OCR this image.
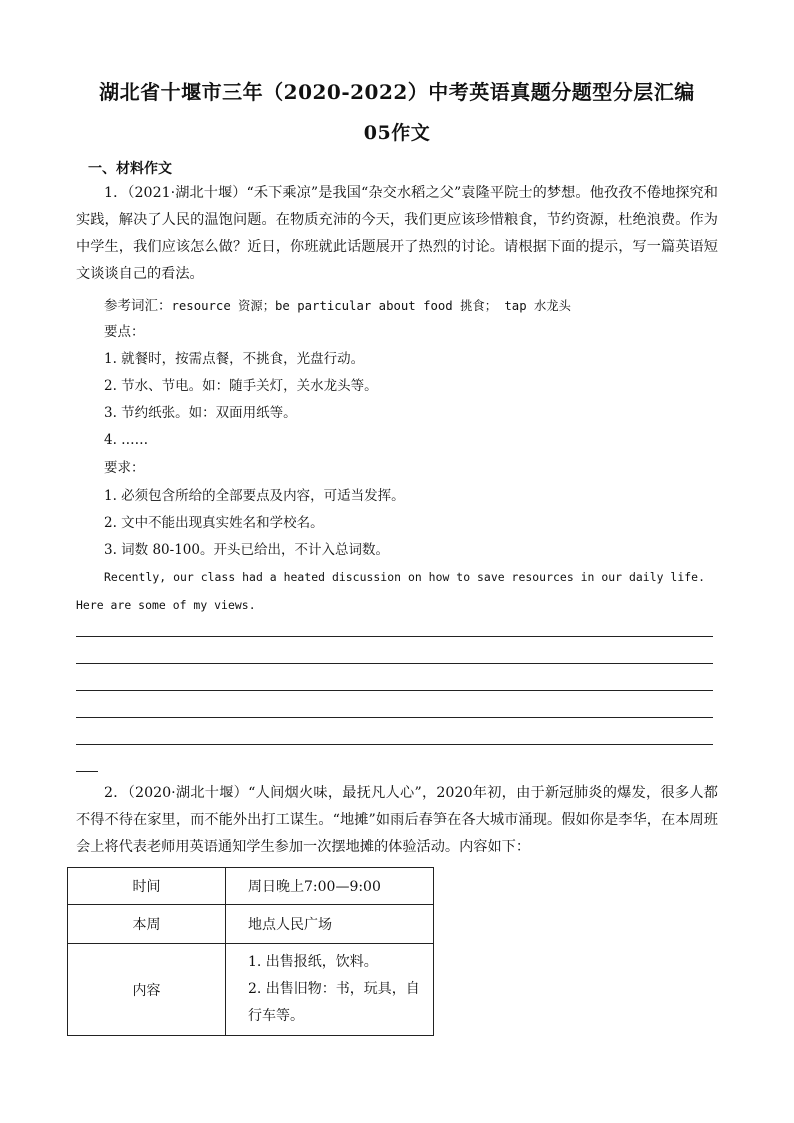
湖北省十堰市三年（2020-2022）中考英语真题分题型分层汇编
05作文
一、材料作文

1．（2021·湖北十堰）“禾下乘凉”是我国“杂交水稻之父”袁隆平院士的梦想。他孜孜不倦地探究和实践，解决了人民的温饱问题。在物质充沛的今天，我们更应该珍惜粮食，节约资源，杜绝浪费。作为中学生，我们应该怎么做？近日，你班就此话题展开了热烈的讨论。请根据下面的提示，写一篇英语短文谈谈自己的看法。

参考词汇：resource 资源；be particular about food 挑食； tap 水龙头
要点：
1. 就餐时，按需点餐，不挑食，光盘行动。
2. 节水、节电。如：随手关灯，关水龙头等。
3. 节约纸张。如：双面用纸等。
4. ……
要求：
1. 必须包含所给的全部要点及内容，可适当发挥。
2. 文中不能出现真实姓名和学校名。
3. 词数 80-100。开头已给出，不计入总词数。

Recently, our class had a heated discussion on how to save resources in our daily life. Here are some of my views.

2．（2020·湖北十堰）“人间烟火味，最抚凡人心”，2020年初，由于新冠肺炎的爆发，很多人都不得不待在家里，而不能外出打工谋生。“地摊”如雨后春笋在各大城市涌现。假如你是李华，在本周班会上将代表老师用英语通知学生参加一次摆地摊的体验活动。内容如下：

时间	周日晚上7:00—9:00
本周	地点人民广场
内容	1. 出售报纸，饮料。
2. 出售旧物：书，玩具，自行车等。
